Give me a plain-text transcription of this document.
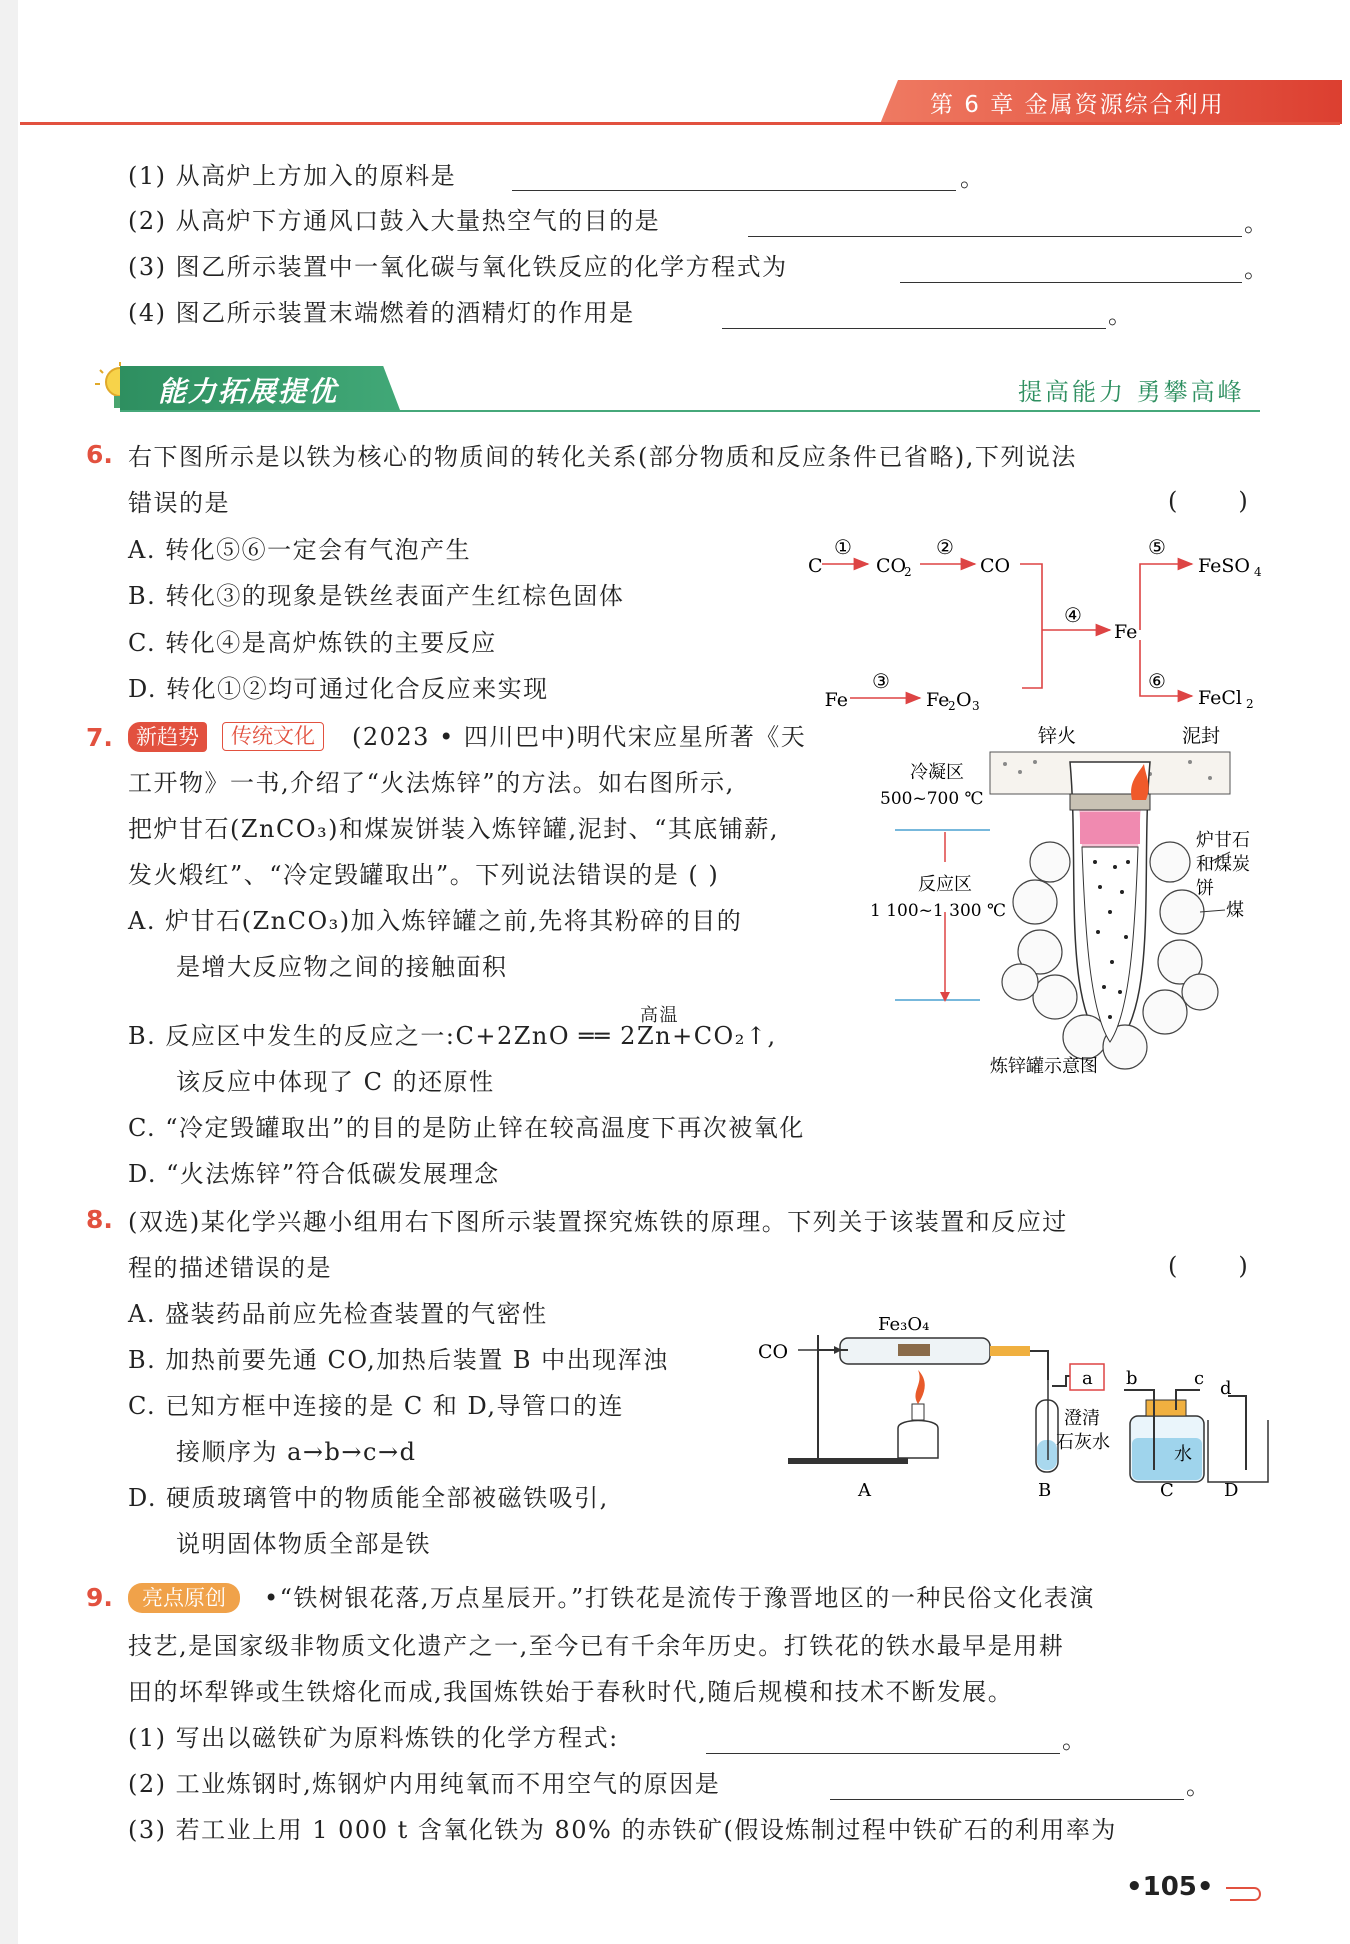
第 6 章 金属资源综合利用
(1) 从高炉上方加入的原料是	。
(2) 从高炉下方通风口鼓入大量热空气的目的是	。
(3) 图乙所示装置中一氧化碳与氧化铁反应的化学方程式为	。
(4) 图乙所示装置末端燃着的酒精灯的作用是	。
能力拓展提优	提高能力 勇攀高峰
6. 右下图所示是以铁为核心的物质间的转化关系(部分物质和反应条件已省略),下列说法
错误的是	(        )
A. 转化⑤⑥一定会有气泡产生
B. 转化③的现象是铁丝表面产生红棕色固体
C. 转化④是高炉炼铁的主要反应
D. 转化①②均可通过化合反应来实现
C
①
CO
2
②
CO
④
Fe
⑤
FeSO 4
⑥
FeCl 2
Fe
③
Fe
2 O 3
7.	新趋势	传统文化	(2023 • 四川巴中)明代宋应星所著《天
工开物》一书,介绍了“火法炼锌”的方法。如右图所示,
把炉甘石(ZnCO₃)和煤炭饼装入炼锌罐,泥封、“其底铺薪,
发火煅红”、“冷定毁罐取出”。下列说法错误的是 ( )
A. 炉甘石(ZnCO₃)加入炼锌罐之前,先将其粉碎的目的
是增大反应物之间的接触面积
高温
B. 反应区中发生的反应之一:C+2ZnO ══ 2Zn+CO₂↑,
该反应中体现了 C 的还原性
C. “冷定毁罐取出”的目的是防止锌在较高温度下再次被氧化
D. “火法炼锌”符合低碳发展理念
锌火	泥封
冷凝区
500~700 ℃
反应区
1 100~1 300 ℃
炉甘石
和煤炭
饼
煤
炼锌罐示意图
8. (双选)某化学兴趣小组用右下图所示装置探究炼铁的原理。下列关于该装置和反应过
程的描述错误的是	(        )
A. 盛装药品前应先检查装置的气密性
B. 加热前要先通 CO,加热后装置 B 中出现浑浊
C. 已知方框中连接的是 C 和 D,导管口的连
接顺序为 a→b→c→d
D. 硬质玻璃管中的物质能全部被磁铁吸引,
说明固体物质全部是铁
CO
Fe₃O₄
a b	c d
澄清
石灰水
水
A	B	C	D
9.	亮点原创	•“铁树银花落,万点星辰开。”打铁花是流传于豫晋地区的一种民俗文化表演
技艺,是国家级非物质文化遗产之一,至今已有千余年历史。打铁花的铁水最早是用耕
田的坏犁铧或生铁熔化而成,我国炼铁始于春秋时代,随后规模和技术不断发展。
(1) 写出以磁铁矿为原料炼铁的化学方程式:	。
(2) 工业炼钢时,炼钢炉内用纯氧而不用空气的原因是	。
(3) 若工业上用 1 000 t 含氧化铁为 80% 的赤铁矿(假设炼制过程中铁矿石的利用率为
•105•
